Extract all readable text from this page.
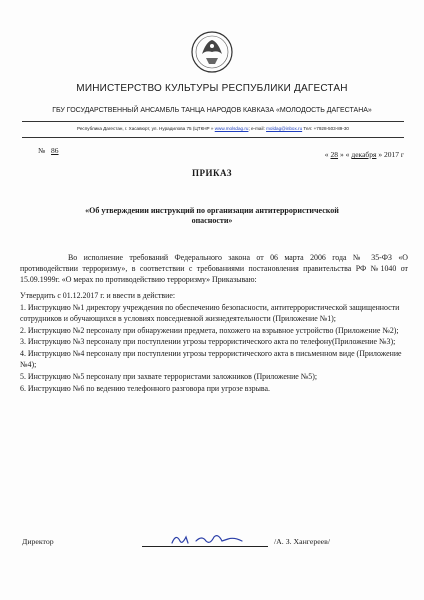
МИНИСТЕРСТВО КУЛЬТУРЫ РЕСПУБЛИКИ ДАГЕСТАН
ГБУ ГОСУДАРСТВЕННЫЙ АНСАМБЛЬ ТАНЦА НАРОДОВ КАВКАЗА «МОЛОДОСТЬ ДАГЕСТАНА»
Республика Дагестан, г. Хасавюрт, ул. Нурадилова 75 (ЦТКНР » www.molsdag.ru; e-mail: moldag@inbox.ru Тел: +7928-503-89-30
№ 86	« 28 » « декабря » 2017 г
ПРИКАЗ
«Об утверждении инструкций по организации антитеррористической опасности»

Во исполнение требований Федерального закона от 06 марта 2006 года № 35-ФЗ «О противодействии терроризму», в соответствии с требованиями постановления правительства РФ №1040 от 15.09.1999г. «О мерах по противодействию терроризму» Приказываю:

Утвердить с 01.12.2017 г. и ввести в действие:
1. Инструкцию №1 директору учреждения по обеспечению безопасности, антитеррористической защищенности сотрудников и обучающихся в условиях повседневной жизнедеятельности (Приложение №1);
2. Инструкцию №2 персоналу при обнаружении предмета, похожего на взрывное устройство (Приложение №2);
3. Инструкцию №3 персоналу при поступлении угрозы террористического акта по телефону(Приложение №3);
4. Инструкцию №4 персоналу при поступлении угрозы террористического акта в письменном виде (Приложение №4);
5. Инструкцию №5 персоналу при захвате террористами заложников (Приложение №5);
6. Инструкцию №6 по ведению телефонного разговора при угрозе взрыва.
Директор	/А. З. Хангереев/
